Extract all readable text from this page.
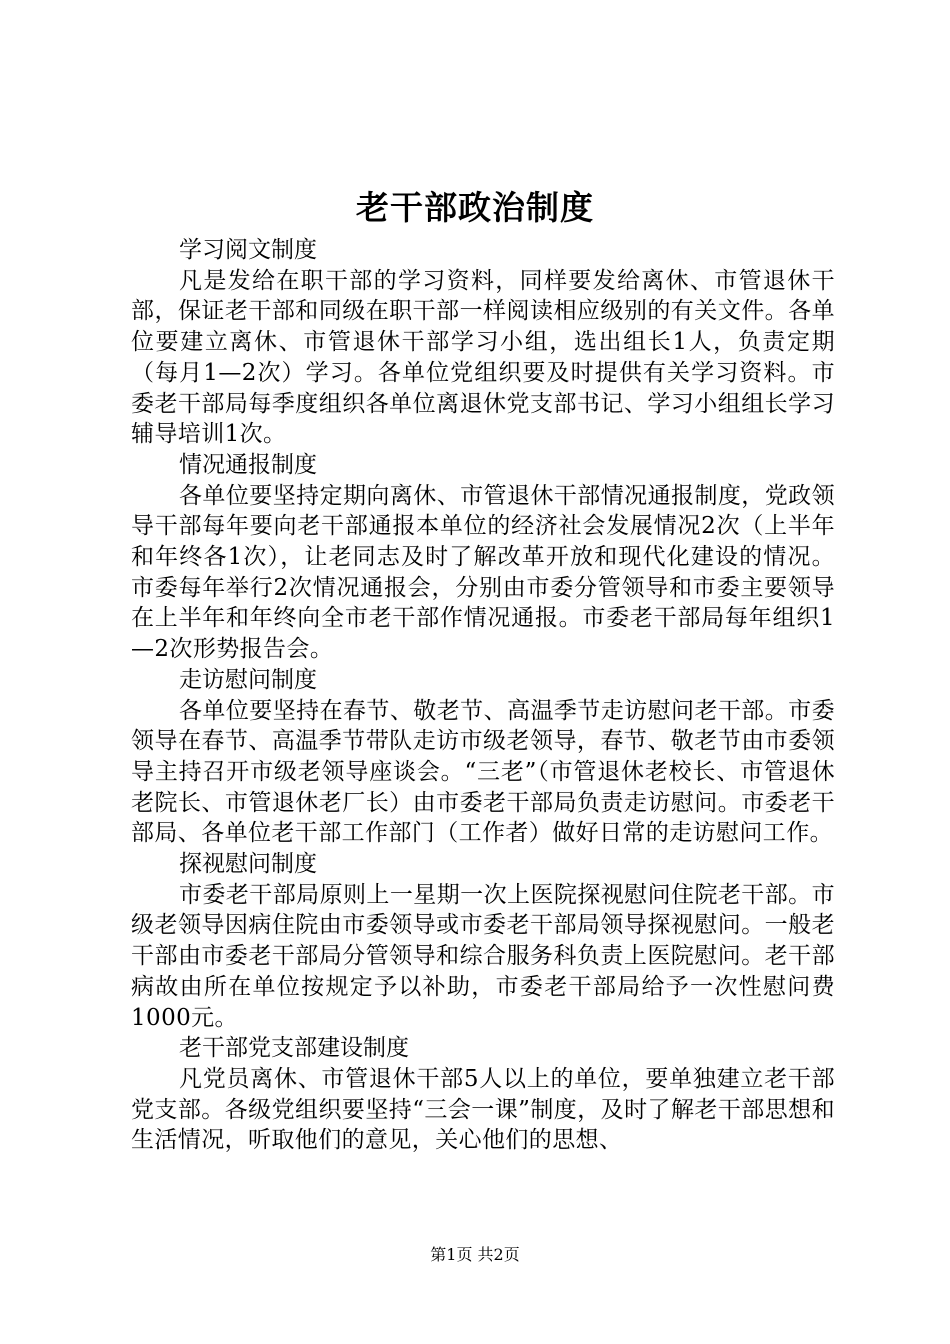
老干部政治制度

学习阅文制度

凡是发给在职干部的学习资料，同样要发给离休、市管退休干部，保证老干部和同级在职干部一样阅读相应级别的有关文件。各单位要建立离休、市管退休干部学习小组，选出组长1人，负责定期（每月1—2次）学习。各单位党组织要及时提供有关学习资料。市委老干部局每季度组织各单位离退休党支部书记、学习小组组长学习辅导培训1次。

情况通报制度

各单位要坚持定期向离休、市管退休干部情况通报制度，党政领导干部每年要向老干部通报本单位的经济社会发展情况2次（上半年和年终各1次），让老同志及时了解改革开放和现代化建设的情况。市委每年举行2次情况通报会，分别由市委分管领导和市委主要领导在上半年和年终向全市老干部作情况通报。市委老干部局每年组织1—2次形势报告会。

走访慰问制度

各单位要坚持在春节、敬老节、高温季节走访慰问老干部。市委领导在春节、高温季节带队走访市级老领导，春节、敬老节由市委领导主持召开市级老领导座谈会。“三老”（市管退休老校长、市管退休老院长、市管退休老厂长）由市委老干部局负责走访慰问。市委老干部局、各单位老干部工作部门（工作者）做好日常的走访慰问工作。

探视慰问制度

市委老干部局原则上一星期一次上医院探视慰问住院老干部。市级老领导因病住院由市委领导或市委老干部局领导探视慰问。一般老干部由市委老干部局分管领导和综合服务科负责上医院慰问。老干部病故由所在单位按规定予以补助，市委老干部局给予一次性慰问费1000元。

老干部党支部建设制度

凡党员离休、市管退休干部5人以上的单位，要单独建立老干部党支部。各级党组织要坚持“三会一课”制度，及时了解老干部思想和生活情况，听取他们的意见，关心他们的思想、

第1页 共2页
